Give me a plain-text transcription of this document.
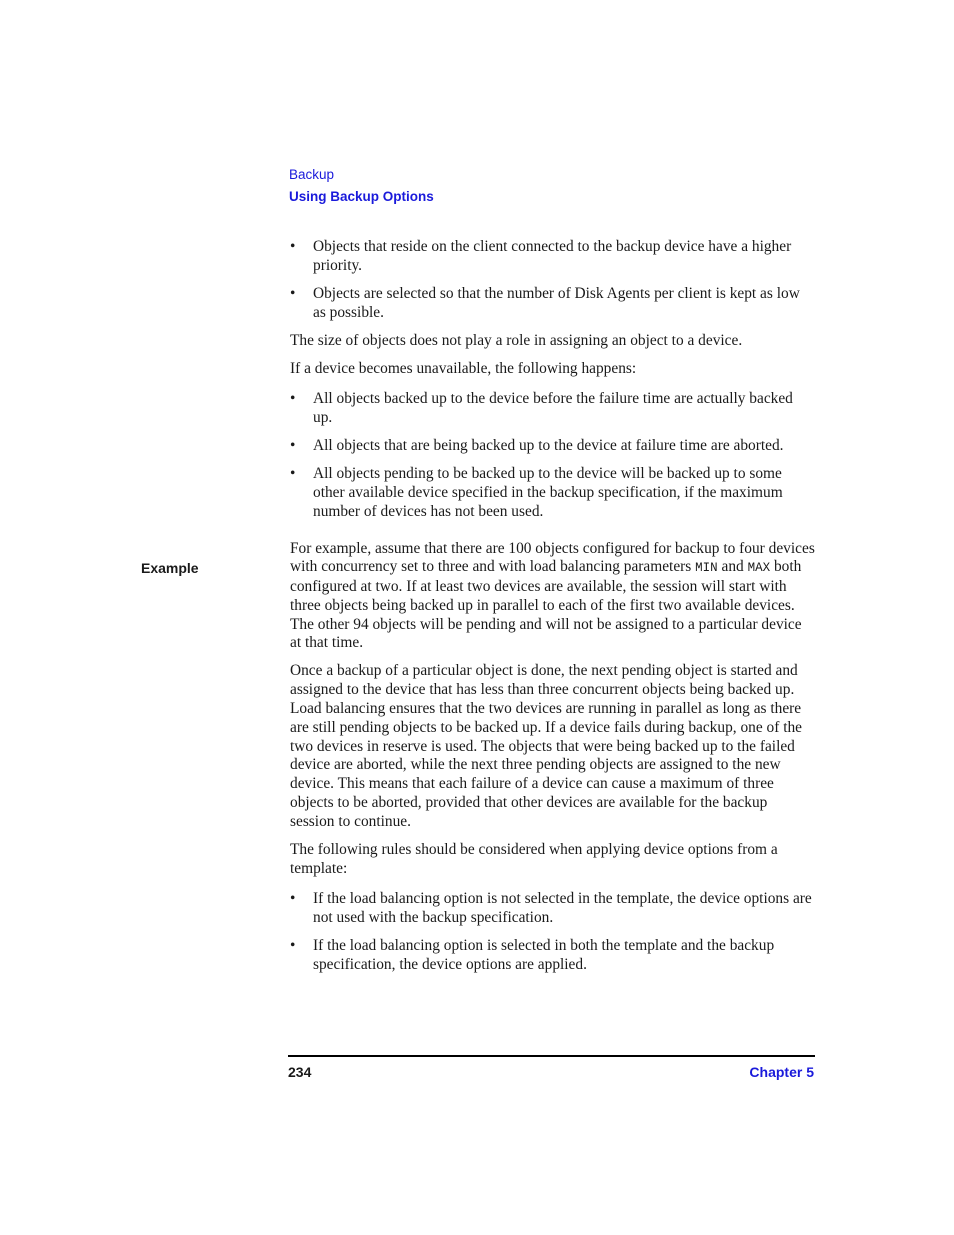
Backup
Using Backup Options
Example
• Objects that reside on the client connected to the backup device have a higher priority.
• Objects are selected so that the number of Disk Agents per client is kept as low as possible.

The size of objects does not play a role in assigning an object to a device.

If a device becomes unavailable, the following happens:

• All objects backed up to the device before the failure time are actually backed up.
• All objects that are being backed up to the device at failure time are aborted.
• All objects pending to be backed up to the device will be backed up to some other available device specified in the backup specification, if the maximum number of devices has not been used.

For example, assume that there are 100 objects configured for backup to four devices with concurrency set to three and with load balancing parameters MIN and MAX both configured at two. If at least two devices are available, the session will start with three objects being backed up in parallel to each of the first two available devices. The other 94 objects will be pending and will not be assigned to a particular device at that time.

Once a backup of a particular object is done, the next pending object is started and assigned to the device that has less than three concurrent objects being backed up. Load balancing ensures that the two devices are running in parallel as long as there are still pending objects to be backed up. If a device fails during backup, one of the two devices in reserve is used. The objects that were being backed up to the failed device are aborted, while the next three pending objects are assigned to the new device. This means that each failure of a device can cause a maximum of three objects to be aborted, provided that other devices are available for the backup session to continue.

The following rules should be considered when applying device options from a template:

• If the load balancing option is not selected in the template, the device options are not used with the backup specification.
• If the load balancing option is selected in both the template and the backup specification, the device options are applied.
234	Chapter 5
